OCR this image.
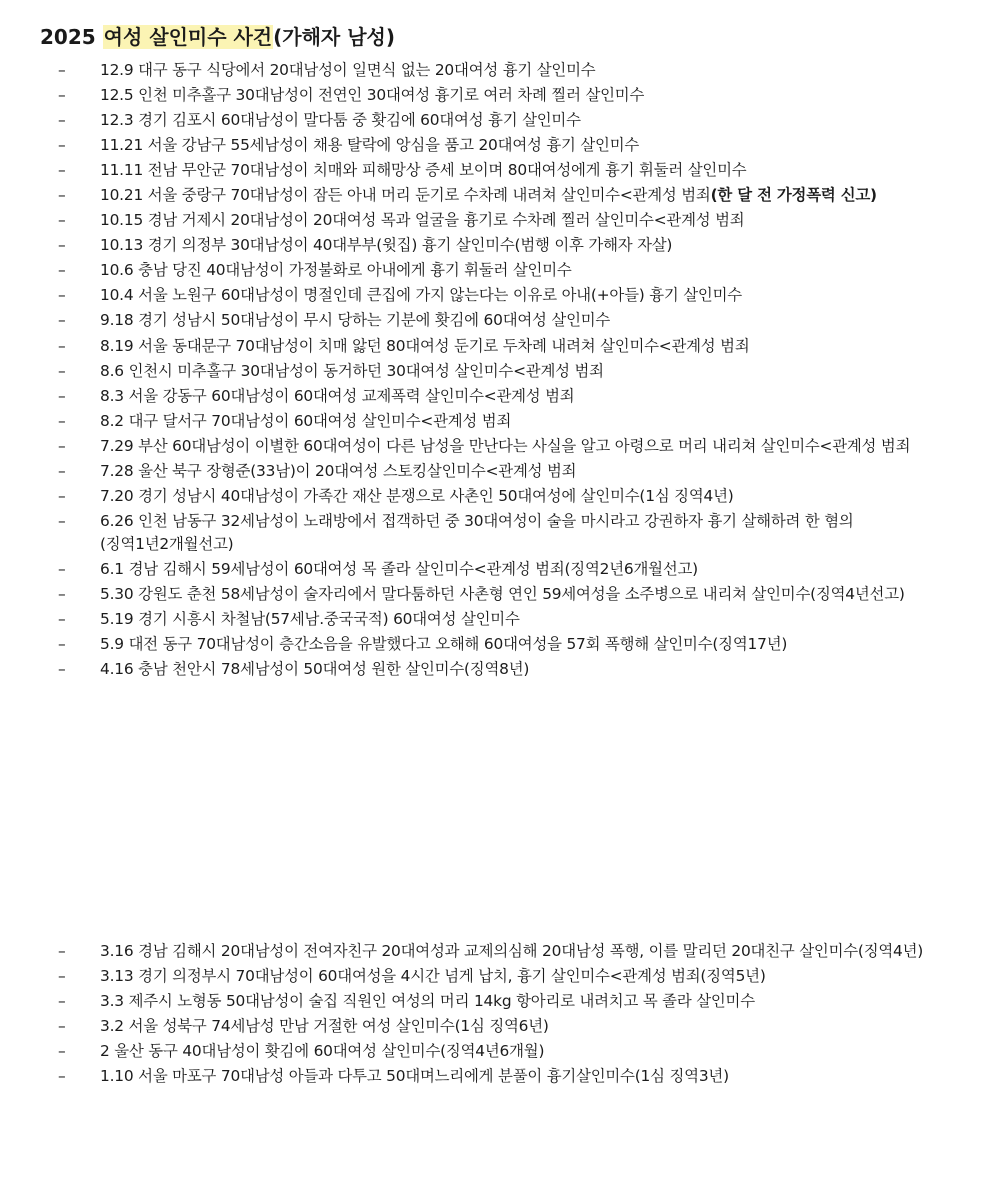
2025 여성 살인미수 사건(가해자 남성)
–	12.9 대구 동구 식당에서 20대남성이 일면식 없는 20대여성 흉기 살인미수
–	12.5 인천 미추홀구 30대남성이 전연인 30대여성 흉기로 여러 차례 찔러 살인미수
–	12.3 경기 김포시 60대남성이 말다툼 중 홧김에 60대여성 흉기 살인미수
–	11.21 서울 강남구 55세남성이 채용 탈락에 앙심을 품고 20대여성 흉기 살인미수
–	11.11 전남 무안군 70대남성이 치매와 피해망상 증세 보이며 80대여성에게 흉기 휘둘러 살인미수
–	10.21 서울 중랑구 70대남성이 잠든 아내 머리 둔기로 수차례 내려쳐 살인미수<관계성 범죄(한 달 전 가정폭력 신고)
–	10.15 경남 거제시 20대남성이 20대여성 목과 얼굴을 흉기로 수차례 찔러 살인미수<관계성 범죄
–	10.13 경기 의정부 30대남성이 40대부부(윗집) 흉기 살인미수(범행 이후 가해자 자살)
–	10.6 충남 당진 40대남성이 가정불화로 아내에게 흉기 휘둘러 살인미수
–	10.4 서울 노원구 60대남성이 명절인데 큰집에 가지 않는다는 이유로 아내(+아들) 흉기 살인미수
–	9.18 경기 성남시 50대남성이 무시 당하는 기분에 홧김에 60대여성 살인미수
–	8.19 서울 동대문구 70대남성이 치매 앓던 80대여성 둔기로 두차례 내려쳐 살인미수<관계성 범죄
–	8.6 인천시 미추홀구 30대남성이 동거하던 30대여성 살인미수<관계성 범죄
–	8.3 서울 강동구 60대남성이 60대여성 교제폭력 살인미수<관계성 범죄
–	8.2 대구 달서구 70대남성이 60대여성 살인미수<관계성 범죄
–	7.29 부산 60대남성이 이별한 60대여성이 다른 남성을 만난다는 사실을 알고 아령으로 머리 내리쳐 살인미수<관계성 범죄
–	7.28 울산 북구 장형준(33남)이 20대여성 스토킹살인미수<관계성 범죄
–	7.20 경기 성남시 40대남성이 가족간 재산 분쟁으로 사촌인 50대여성에 살인미수(1심 징역4년)
–	6.26 인천 남동구 32세남성이 노래방에서 접객하던 중 30대여성이 술을 마시라고 강권하자 흉기 살해하려 한 혐의(징역1년2개월선고)
–	6.1 경남 김해시 59세남성이 60대여성 목 졸라 살인미수<관계성 범죄(징역2년6개월선고)
–	5.30 강원도 춘천 58세남성이 술자리에서 말다툼하던 사촌형 연인 59세여성을 소주병으로 내리쳐 살인미수(징역4년선고)
–	5.19 경기 시흥시 차철남(57세남.중국국적) 60대여성 살인미수
–	5.9 대전 동구 70대남성이 층간소음을 유발했다고 오해해 60대여성을 57회 폭행해 살인미수(징역17년)
–	4.16 충남 천안시 78세남성이 50대여성 원한 살인미수(징역8년)
–	3.16 경남 김해시 20대남성이 전여자친구 20대여성과 교제의심해 20대남성 폭행, 이를 말리던 20대친구 살인미수(징역4년)
–	3.13 경기 의정부시 70대남성이 60대여성을 4시간 넘게 납치, 흉기 살인미수<관계성 범죄(징역5년)
–	3.3 제주시 노형동 50대남성이 술집 직원인 여성의 머리 14kg 항아리로 내려치고 목 졸라 살인미수
–	3.2 서울 성북구 74세남성 만남 거절한 여성 살인미수(1심 징역6년)
–	2 울산 동구 40대남성이 홧김에 60대여성 살인미수(징역4년6개월)
–	1.10 서울 마포구 70대남성 아들과 다투고 50대며느리에게 분풀이 흉기살인미수(1심 징역3년)
